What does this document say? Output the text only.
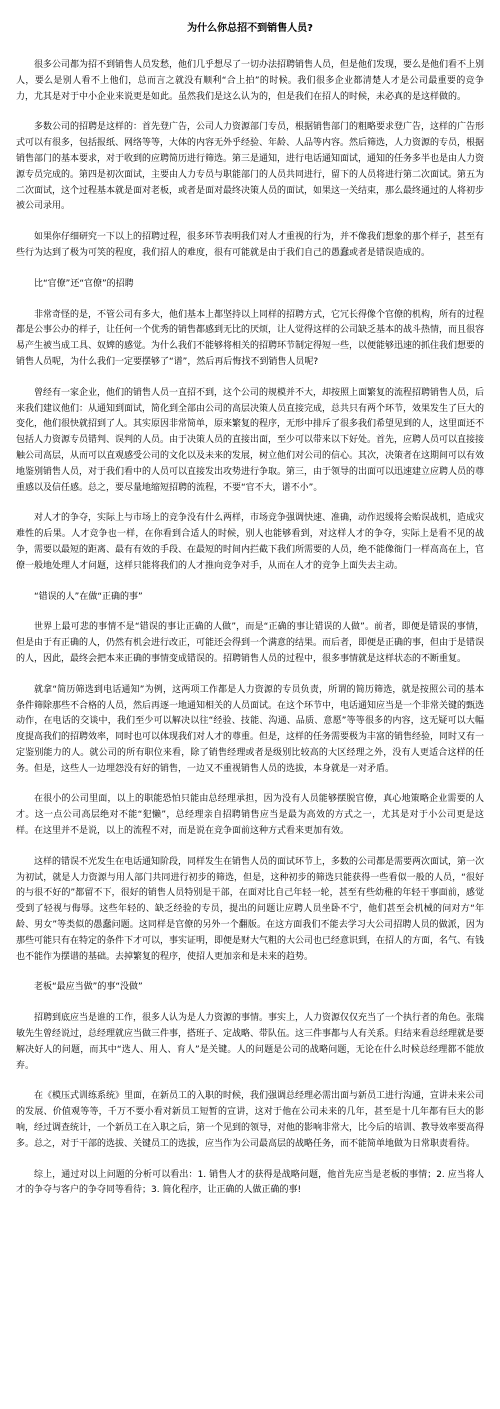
为什么你总招不到销售人员?

很多公司都为招不到销售人员发愁，他们几乎想尽了一切办法招聘销售人员，但是他们发现，要么是他们看不上别人，要么是别人看不上他们，总而言之就没有顺利“合上拍”的时候。我们很多企业都清楚人才是公司最重要的竞争力，尤其是对于中小企业来说更是如此。虽然我们是这么认为的，但是我们在招人的时候，未必真的是这样做的。

多数公司的招聘是这样的：首先登广告，公司人力资源部门专员，根据销售部门的粗略要求登广告，这样的广告形式可以有很多，包括报纸、网络等等，大体的内容无外乎经验、年龄、人品等内容。然后筛选，人力资源的专员，根据销售部门的基本要求，对于收到的应聘简历进行筛选。第三是通知，进行电话通知面试，通知的任务多半也是由人力资源专员完成的。第四是初次面试，主要由人力专员与职能部门的人员共同进行，留下的人员将进行第二次面试。第五为二次面试，这个过程基本就是面对老板，或者是面对最终决策人员的面试，如果这一关结束，那么最终通过的人将初步被公司录用。

如果你仔细研究一下以上的招聘过程，很多环节表明我们对人才重视的行为，并不像我们想象的那个样子，甚至有些行为达到了极为可笑的程度，我们招人的难度，很有可能就是由于我们自己的愚蠢或者是错误造成的。

比“官僚”还“官僚”的招聘

非常奇怪的是，不管公司有多大，他们基本上都坚持以上同样的招聘方式，它冗长得像个官僚的机构，所有的过程都是公事公办的样子，让任何一个优秀的销售都感到无比的厌烦，让人觉得这样的公司缺乏基本的战斗热情，而且很容易产生被当成工具、奴婢的感觉。为什么我们不能够将相关的招聘环节制定得短一些，以便能够迅速的抓住我们想要的销售人员呢，为什么我们一定要摆够了“谱”，然后再后悔找不到销售人员呢?

曾经有一家企业，他们的销售人员一直招不到，这个公司的规模并不大，却按照上面繁复的流程招聘销售人员，后来我们建议他们：从通知到面试，简化到全部由公司的高层决策人员直接完成，总共只有两个环节，效果发生了巨大的变化，他们很快就招到了人。其实原因非常简单，原来繁复的程序，无形中排斥了很多我们希望见到的人，这里面还不包括人力资源专员错判、误判的人员。由于决策人员的直接出面，至少可以带来以下好处。首先，应聘人员可以直接接触公司高层，从而可以直观感受公司的文化以及未来的发展，树立他们对公司的信心。其次，决策者在这期间可以有效地鉴别销售人员，对于我们看中的人员可以直接发出攻势进行争取。第三，由于领导的出面可以迅速建立应聘人员的尊重感以及信任感。总之，要尽量地缩短招聘的流程，不要“官不大，谱不小”。

对人才的争夺，实际上与市场上的竞争没有什么两样，市场竞争强调快速、准确，动作迟缓将会贻误战机，造成灾难性的后果。人才竞争也一样，在你看到合适人的时候，别人也能够看到，对这样人才的争夺，实际上是看不见的战争，需要以最短的距离、最有有效的手段、在最短的时间内拦截下我们所需要的人员，绝不能像衙门一样高高在上，官僚一般地处理人才问题，这样只能将我们的人才推向竞争对手，从而在人才的竞争上面失去主动。

“错误的人”在做“正确的事”

世界上最可悲的事情不是“错误的事让正确的人做”，而是“正确的事让错误的人做”。前者，即便是错误的事情，但是由于有正确的人，仍然有机会进行改正，可能还会得到一个满意的结果。而后者，即便是正确的事，但由于是错误的人，因此，最终会把本来正确的事情变成错误的。招聘销售人员的过程中，很多事情就是这样状态的不断重复。

就拿“简历筛选到电话通知”为例，这两项工作都是人力资源的专员负责，所谓的简历筛选，就是按照公司的基本条件筛除那些不合格的人员，然后再逐一地通知相关的人员面试。在这个环节中，电话通知应当是一个非常关键的甄选动作，在电话的交谈中，我们至少可以解决以往“经验、技能、沟通、品质、意愿”等等很多的内容，这无疑可以大幅度提高我们的招聘效率，同时也可以体现我们对人才的尊重。但是，这样的任务需要极为丰富的销售经验，同时又有一定鉴别能力的人。就公司的所有职位来看，除了销售经理或者是级别比较高的大区经理之外，没有人更适合这样的任务。但是，这些人一边埋怨没有好的销售，一边又不重视销售人员的选拔，本身就是一对矛盾。

在很小的公司里面，以上的职能恐怕只能由总经理承担，因为没有人员能够摆脱官僚，真心地策略企业需要的人才。这一点公司高层绝对不能“犯懒”，总经理亲自招聘销售应当是最为高效的方式之一，尤其是对于小公司更是这样。在这里并不是说，以上的流程不对，而是说在竞争面前这种方式看来更加有效。

这样的错误不光发生在电话通知阶段，同样发生在销售人员的面试环节上，多数的公司都是需要两次面试，第一次为初试，就是人力资源与用人部门共同进行初步的筛选，但是，这种初步的筛选只能获得一些看似一般的人员，“很好的与很不好的”都留不下，很好的销售人员特别是干部，在面对比自己年轻一轮，甚至有些幼稚的年轻干事面前，感觉受到了轻视与侮辱。这些年轻的、缺乏经验的专员，提出的问题让应聘人员坐卧不宁，他们甚至会机械的问对方“年龄、男女”等类似的愚蠢问题。这同样是官僚的另外一个翻版。在这方面我们不能去学习大公司招聘人员的做派，因为那些可能只有在特定的条件下才可以，事实证明，即便是财大气粗的大公司也已经意识到，在招人的方面，名气、有钱也不能作为摆谱的基础。去掉繁复的程序，使招人更加亲和是未来的趋势。

老板“最应当做”的事“没做”

招聘到底应当是谁的工作，很多人认为是人力资源的事情。事实上，人力资源仅仅充当了一个执行者的角色。张瑞敏先生曾经说过，总经理就应当做三件事，搭班子、定战略、带队伍。这三件事都与人有关系。归结来看总经理就是要解决好人的问题，而其中“选人、用人、育人”是关键。人的问题是公司的战略问题，无论在什么时候总经理都不能放弃。

在《模压式训练系统》里面，在新员工的入职的时候，我们强调总经理必需出面与新员工进行沟通，宣讲未来公司的发展、价值观等等，千万不要小看对新员工短暂的宣讲，这对于他在公司未来的几年，甚至是十几年都有巨大的影响，经过调查统计，一个新员工在入职之后，第一个见到的领导，对他的影响非常大，比今后的培训、教导效率要高得多。总之，对于干部的选拔、关键员工的选拔，应当作为公司最高层的战略任务，而不能简单地做为日常职责看待。

综上，通过对以上问题的分析可以看出：1. 销售人才的获得是战略问题，他首先应当是老板的事情；2. 应当将人才的争夺与客户的争夺同等看待；3. 简化程序，让正确的人做正确的事!
